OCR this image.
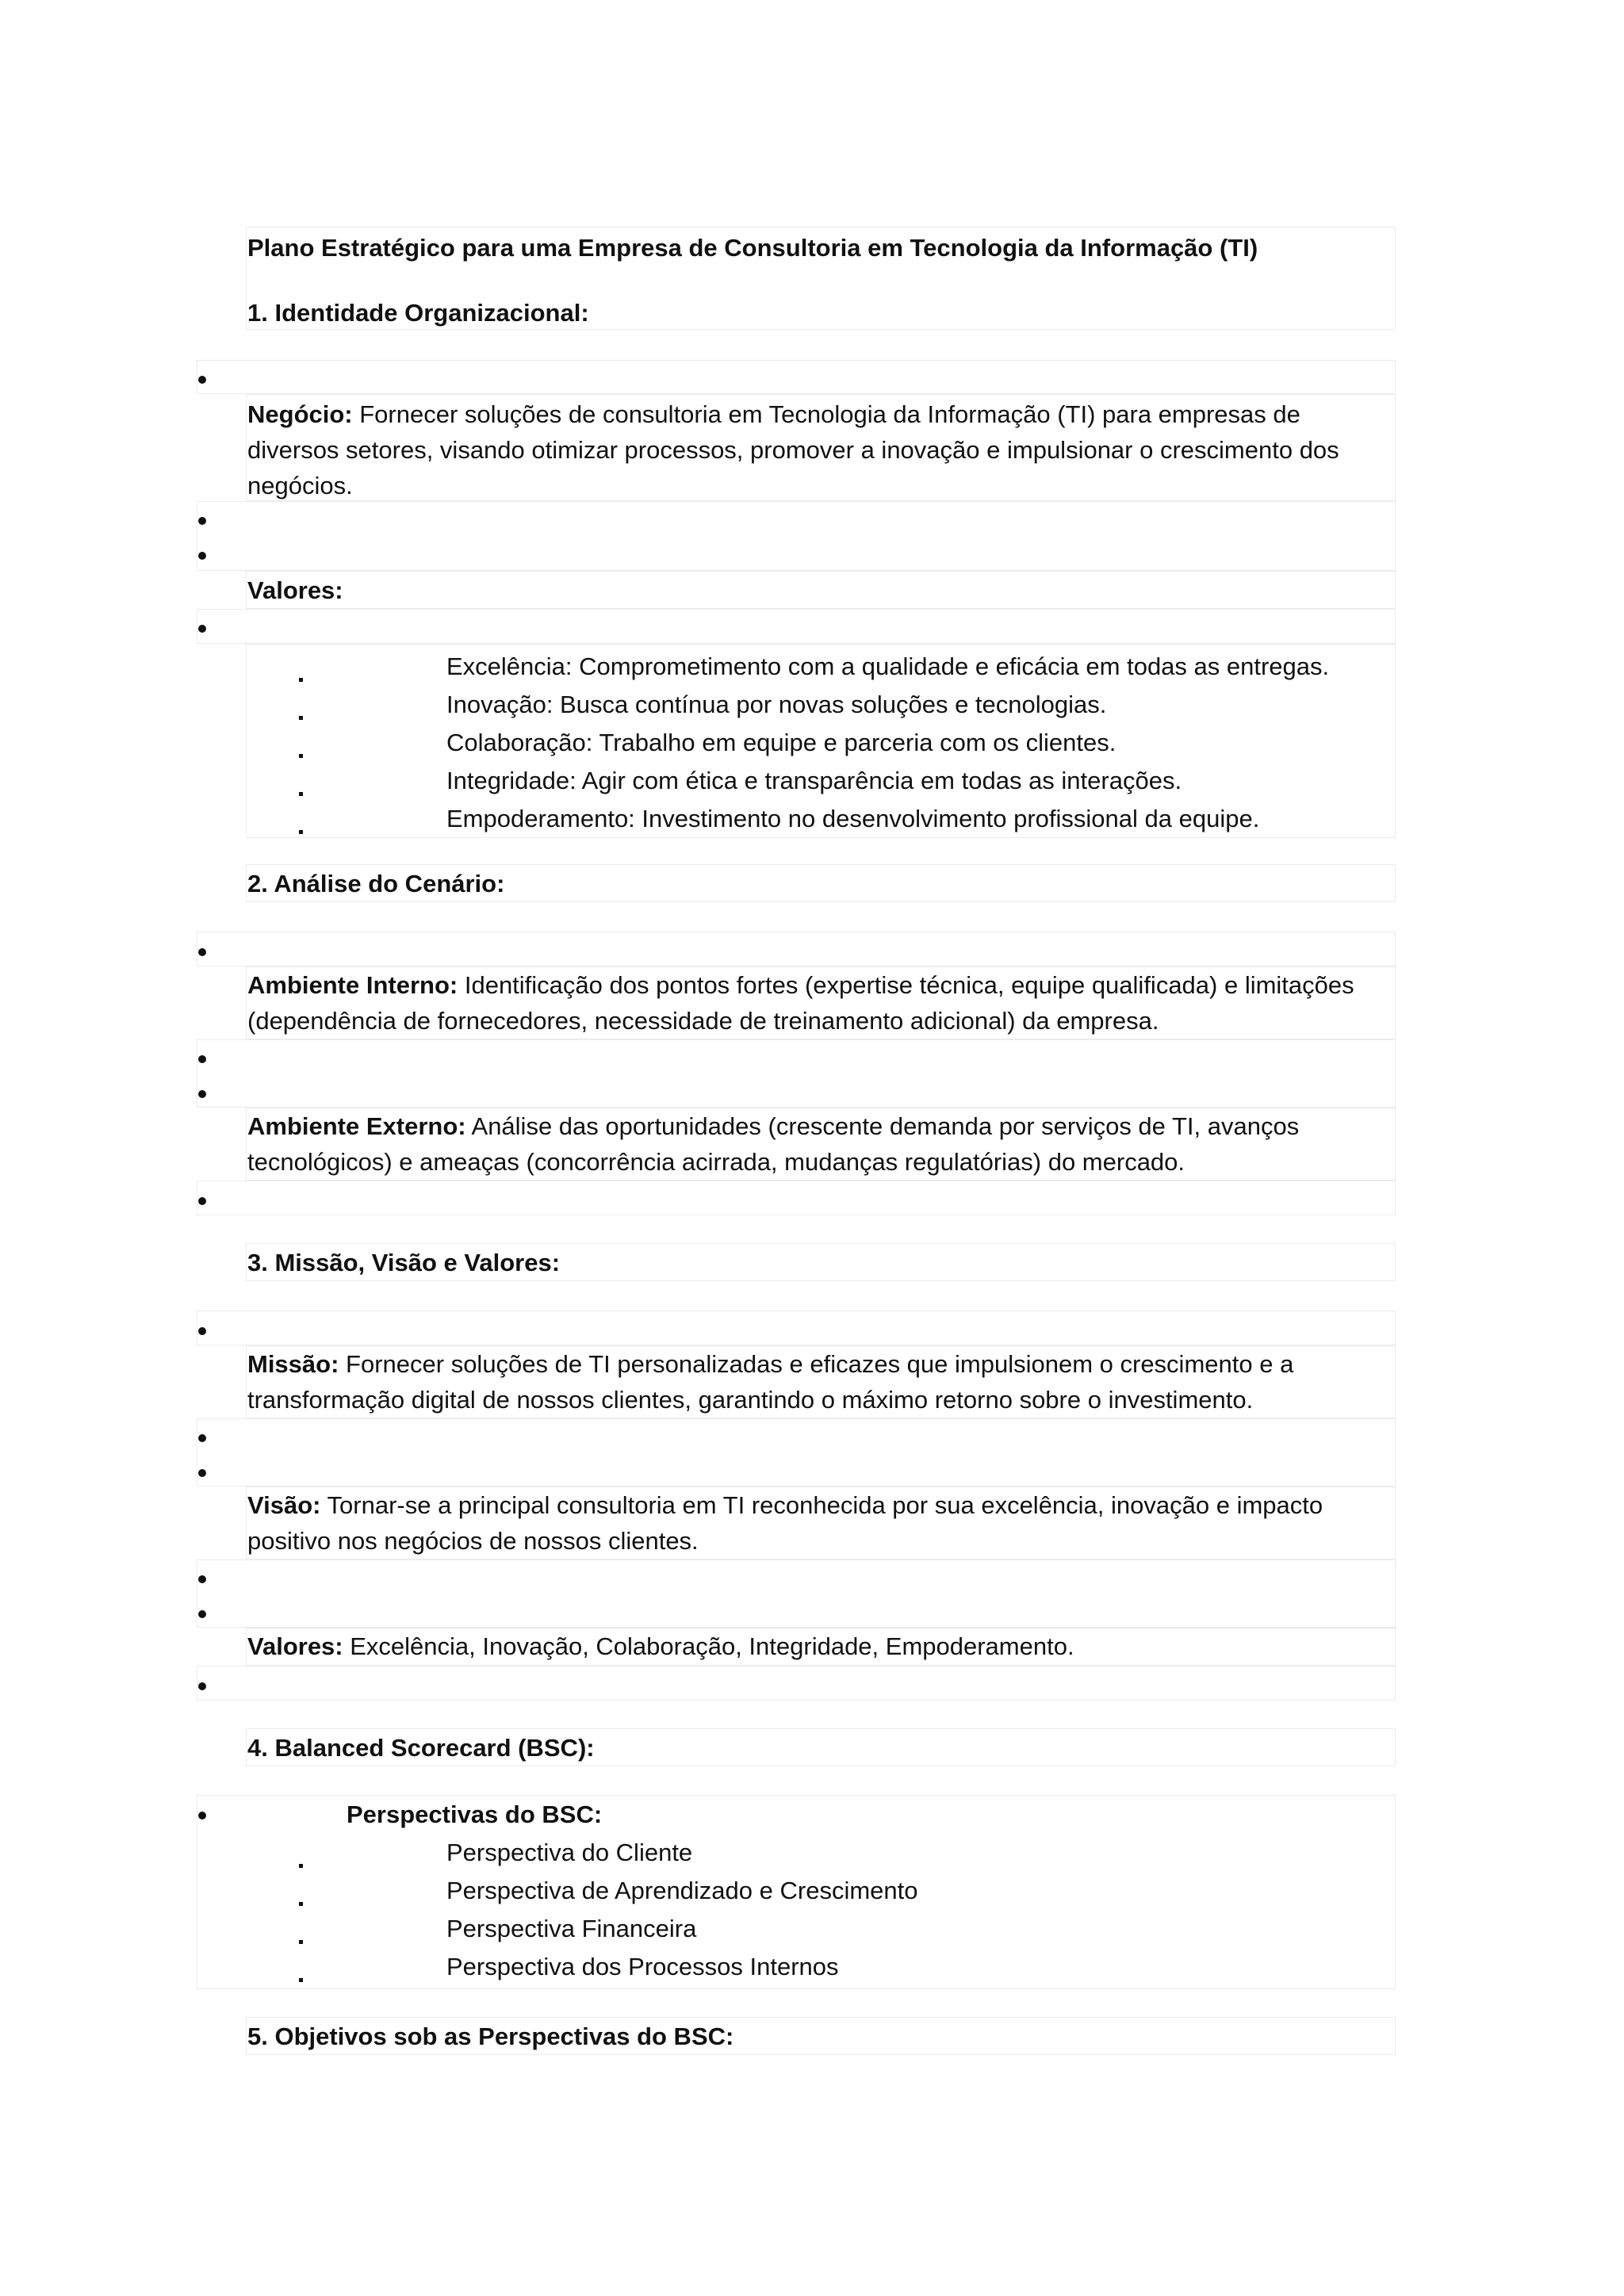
Plano Estratégico para uma Empresa de Consultoria em Tecnologia da Informação (TI)
1. Identidade Organizacional:
Negócio: Fornecer soluções de consultoria em Tecnologia da Informação (TI) para empresas de diversos setores, visando otimizar processos, promover a inovação e impulsionar o crescimento dos negócios.
Valores:
Excelência: Comprometimento com a qualidade e eficácia em todas as entregas.
Inovação: Busca contínua por novas soluções e tecnologias.
Colaboração: Trabalho em equipe e parceria com os clientes.
Integridade: Agir com ética e transparência em todas as interações.
Empoderamento: Investimento no desenvolvimento profissional da equipe.
2. Análise do Cenário:
Ambiente Interno: Identificação dos pontos fortes (expertise técnica, equipe qualificada) e limitações (dependência de fornecedores, necessidade de treinamento adicional) da empresa.
Ambiente Externo: Análise das oportunidades (crescente demanda por serviços de TI, avanços tecnológicos) e ameaças (concorrência acirrada, mudanças regulatórias) do mercado.
3. Missão, Visão e Valores:
Missão: Fornecer soluções de TI personalizadas e eficazes que impulsionem o crescimento e a transformação digital de nossos clientes, garantindo o máximo retorno sobre o investimento.
Visão: Tornar-se a principal consultoria em TI reconhecida por sua excelência, inovação e impacto positivo nos negócios de nossos clientes.
Valores: Excelência, Inovação, Colaboração, Integridade, Empoderamento.
4. Balanced Scorecard (BSC):
Perspectivas do BSC:
Perspectiva do Cliente
Perspectiva de Aprendizado e Crescimento
Perspectiva Financeira
Perspectiva dos Processos Internos
5. Objetivos sob as Perspectivas do BSC:
